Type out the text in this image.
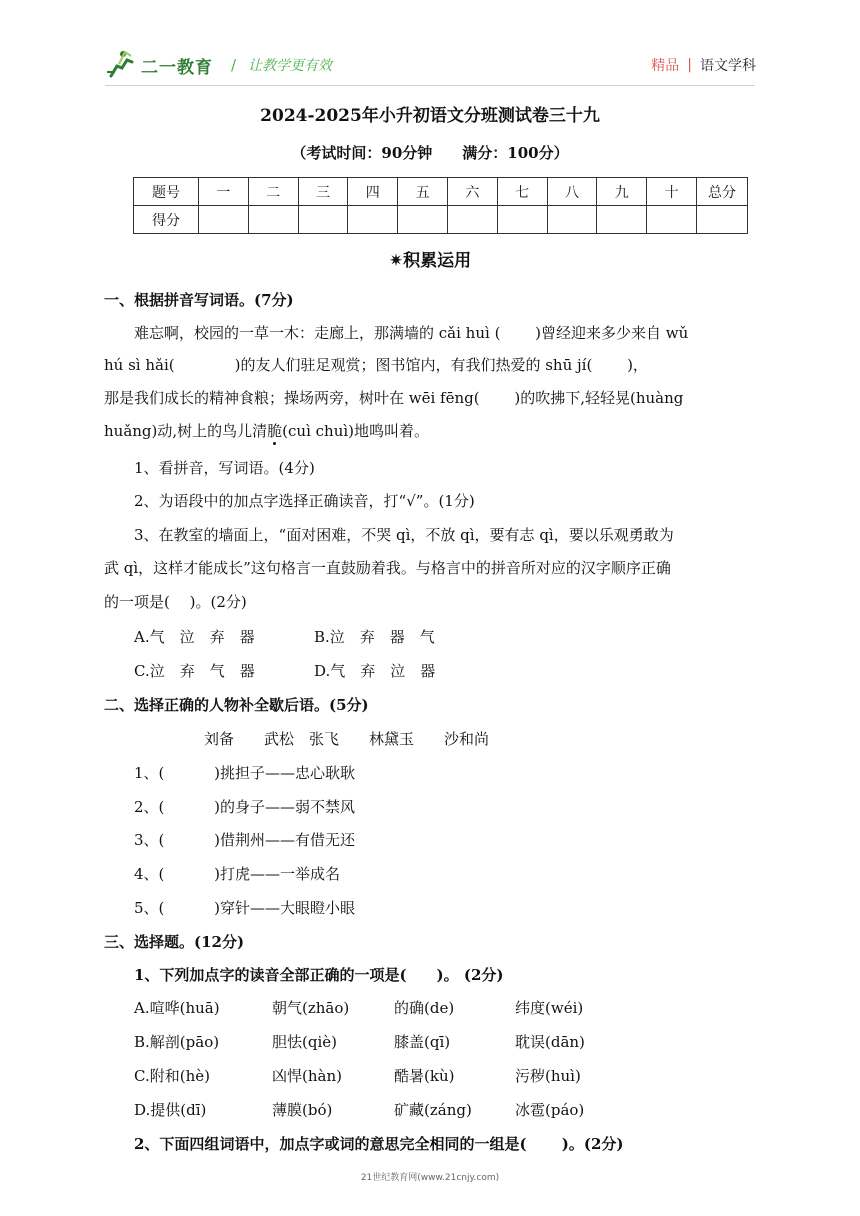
二一教育 / 让教学更有效	精品 | 语文学科
2024-2025年小升初语文分班测试卷三十九
（考试时间：90分钟　　满分：100分）
题号	一	二	三	四	五	六	七	八	九	十	总分
得分											
✷积累运用
一、根据拼音写词语。(7分)
难忘啊，校园的一草一木：走廊上，那满墙的 cǎi huì (　　 )曾经迎来多少来自 wǔ
hú sì hǎi(　　　　)的友人们驻足观赏；图书馆内，有我们热爱的 shū jí(　　 )，
那是我们成长的精神食粮；操场两旁，树叶在 wēi fēng(　　 )的吹拂下,轻轻晃(huàng
huǎng)动,树上的鸟儿清脆(cuì chuì)地鸣叫着。
1、看拼音，写词语。(4分)
2、为语段中的加点字选择正确读音，打“√”。(1分)
3、在教室的墙面上，“面对困难，不哭 qì，不放 qì，要有志 qì，要以乐观勇敢为
武 qì，这样才能成长”这句格言一直鼓励着我。与格言中的拼音所对应的汉字顺序正确
的一项是(　 )。(2分)
A.气　泣　弃　器	B.泣　弃　器　气
C.泣　弃　气　器	D.气　弃　泣　器
二、选择正确的人物补全歇后语。(5分)
刘备　　武松　张飞　　林黛玉　　沙和尚
1、(　　　 )挑担子——忠心耿耿
2、(　　　 )的身子——弱不禁风
3、(　　　 )借荆州——有借无还
4、(　　　 )打虎——一举成名
5、(　　　 )穿针——大眼瞪小眼
三、选择题。(12分)
1、下列加点字的读音全部正确的一项是(　　)。 (2分)
A.喧哗(huā)	朝气(zhāo)	的确(de)	纬度(wéi)
B.解剖(pāo)	胆怯(qiè)	膝盖(qī)	耽误(dān)
C.附和(hè)	凶悍(hàn)	酷暑(kù)	污秽(huì)
D.提供(dī)	薄膜(bó)	矿藏(záng)	冰雹(páo)
2、下面四组词语中，加点字或词的意思完全相同的一组是(　　 )。(2分)
21世纪教育网(www.21cnjy.com)
